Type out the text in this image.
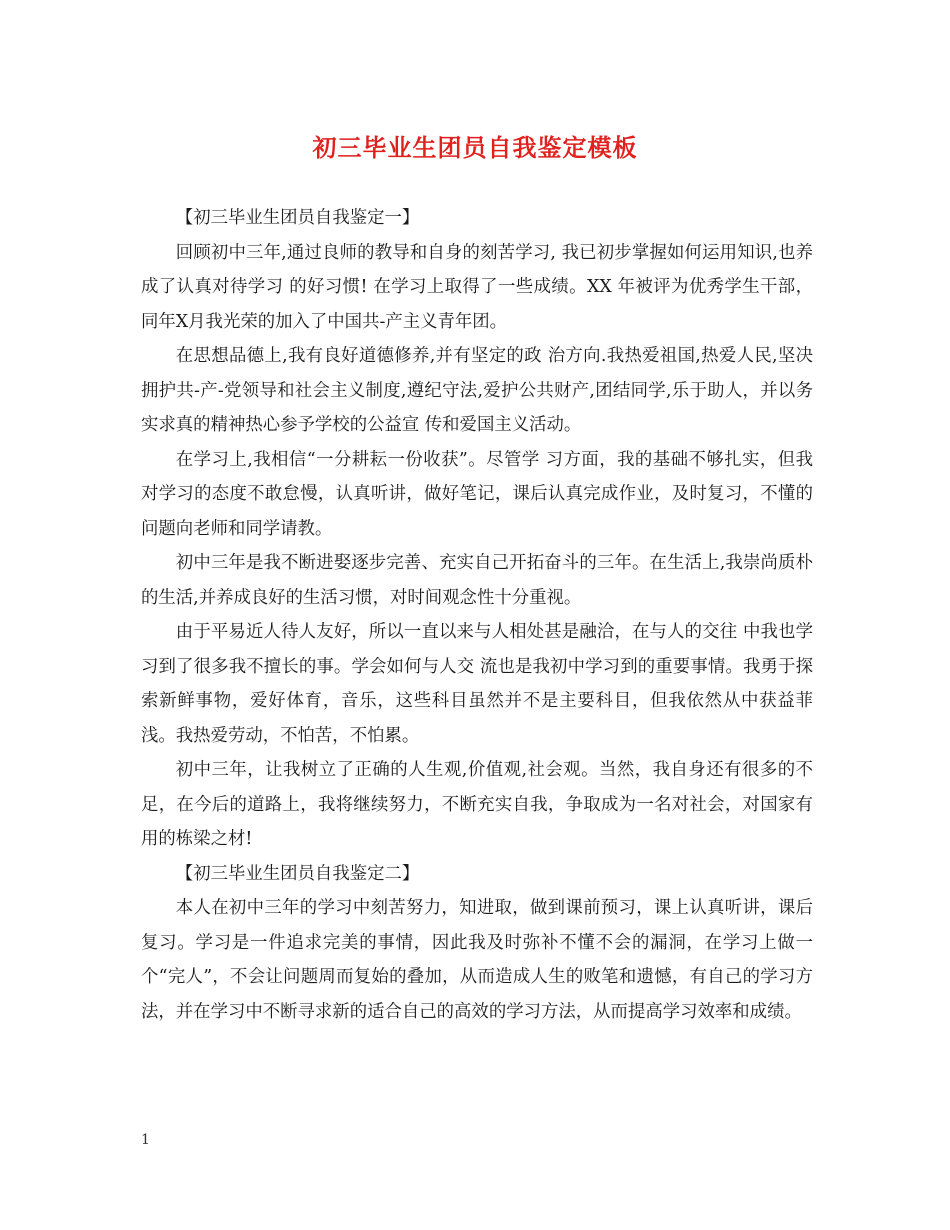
初三毕业生团员自我鉴定模板

【初三毕业生团员自我鉴定一】

回顾初中三年,通过良师的教导和自身的刻苦学习, 我已初步掌握如何运用知识,也养成了认真对待学习 的好习惯! 在学习上取得了一些成绩。XX 年被评为优秀学生干部，同年X月我光荣的加入了中国共-产主义青年团。

在思想品德上,我有良好道德修养,并有坚定的政 治方向.我热爱祖国,热爱人民,坚决拥护共-产-党领导和社会主义制度,遵纪守法,爱护公共财产,团结同学,乐于助人，并以务实求真的精神热心参予学校的公益宣 传和爱国主义活动。

在学习上,我相信“一分耕耘一份收获”。尽管学 习方面，我的基础不够扎实，但我对学习的态度不敢怠慢，认真听讲，做好笔记，课后认真完成作业，及时复习，不懂的问题向老师和同学请教。

初中三年是我不断进娶逐步完善、充实自己开拓奋斗的三年。在生活上,我崇尚质朴的生活,并养成良好的生活习惯，对时间观念性十分重视。

由于平易近人待人友好，所以一直以来与人相处甚是融洽，在与人的交往 中我也学习到了很多我不擅长的事。学会如何与人交 流也是我初中学习到的重要事情。我勇于探索新鲜事物，爱好体育，音乐，这些科目虽然并不是主要科目，但我依然从中获益菲浅。我热爱劳动，不怕苦，不怕累。

初中三年，让我树立了正确的人生观,价值观,社会观。当然，我自身还有很多的不足，在今后的道路上，我将继续努力，不断充实自我，争取成为一名对社会，对国家有用的栋梁之材!

【初三毕业生团员自我鉴定二】

本人在初中三年的学习中刻苦努力，知进取，做到课前预习，课上认真听讲，课后复习。学习是一件追求完美的事情，因此我及时弥补不懂不会的漏洞，在学习上做一个“完人”，不会让问题周而复始的叠加，从而造成人生的败笔和遗憾，有自己的学习方法，并在学习中不断寻求新的适合自己的高效的学习方法，从而提高学习效率和成绩。

1
